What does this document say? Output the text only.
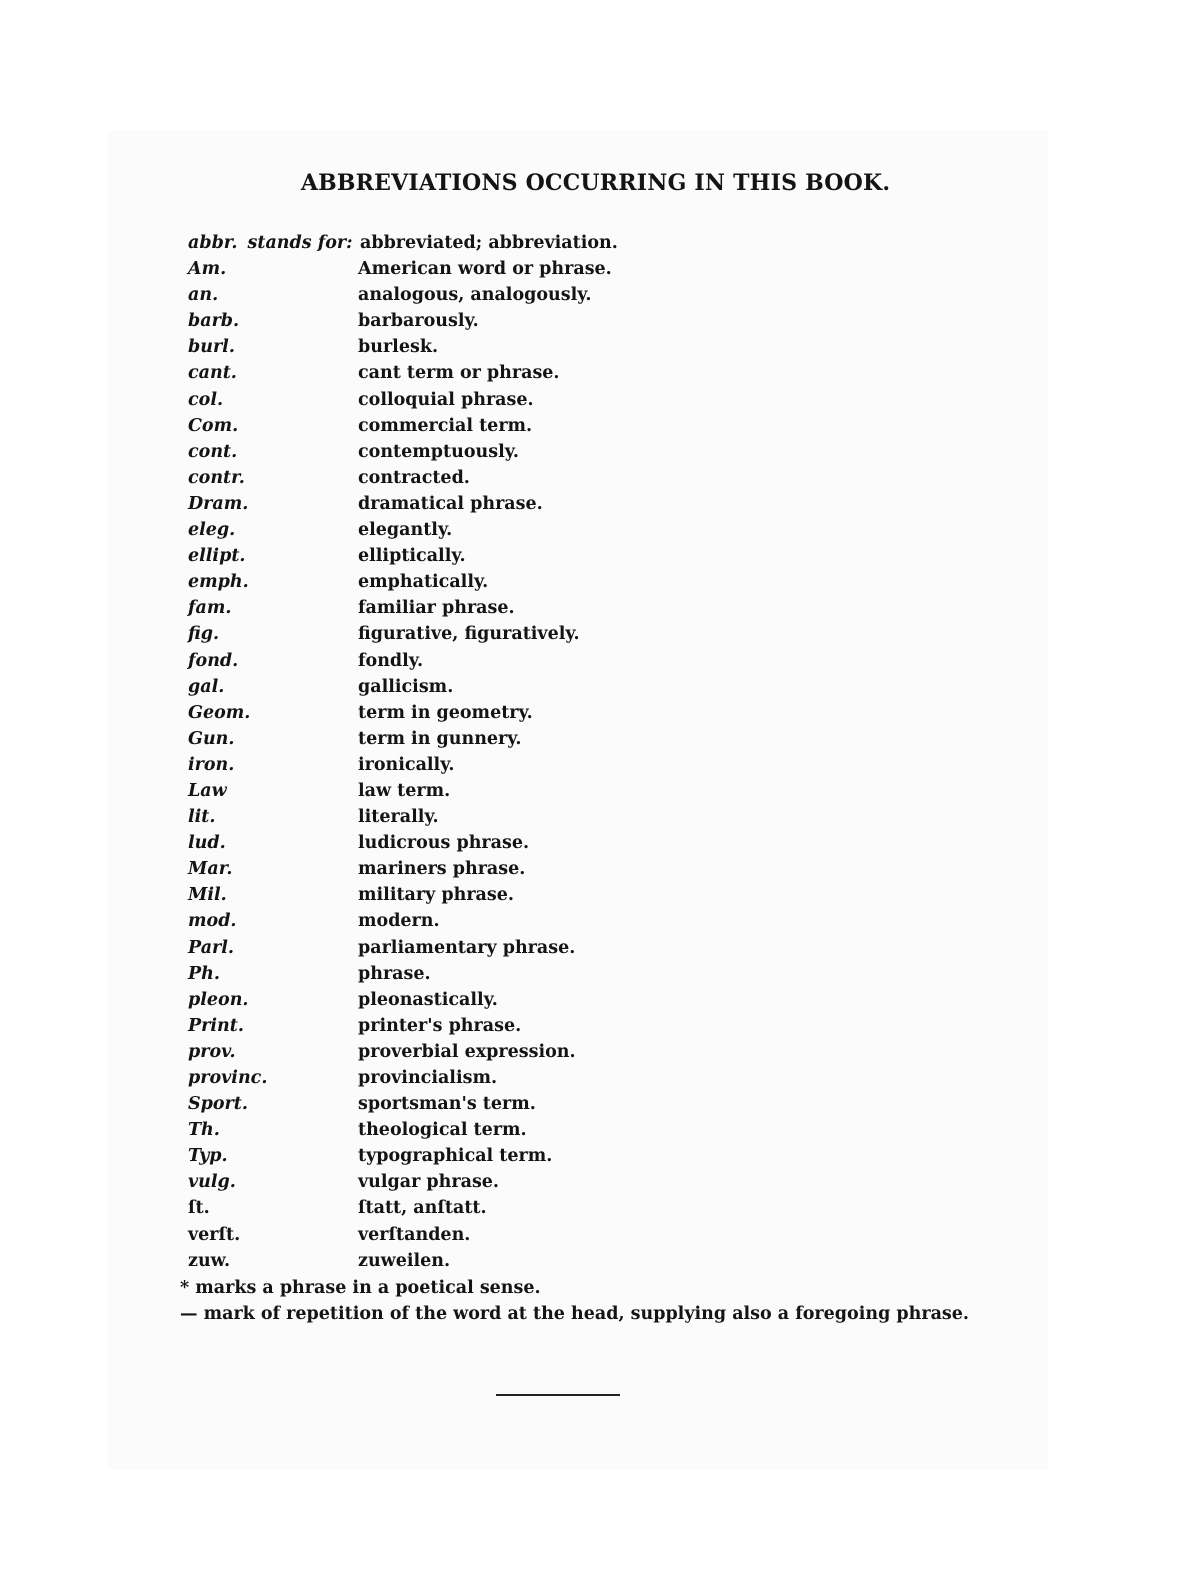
ABBREVIATIONS OCCURRING IN THIS BOOK.
abbr. stands for: abbreviated; abbreviation.
Am.	American word or phrase.
an.	analogous, analogously.
barb.	barbarously.
burl.	burlesk.
cant.	cant term or phrase.
col.	colloquial phrase.
Com.	commercial term.
cont.	contemptuously.
contr.	contracted.
Dram.	dramatical phrase.
eleg.	elegantly.
ellipt.	elliptically.
emph.	emphatically.
fam.	familiar phrase.
fig.	figurative, figuratively.
fond.	fondly.
gal.	gallicism.
Geom.	term in geometry.
Gun.	term in gunnery.
iron.	ironically.
Law	law term.
lit.	literally.
lud.	ludicrous phrase.
Mar.	mariners phrase.
Mil.	military phrase.
mod.	modern.
Parl.	parliamentary phrase.
Ph.	phrase.
pleon.	pleonastically.
Print.	printer's phrase.
prov.	proverbial expression.
provinc.	provincialism.
Sport.	sportsman's term.
Th.	theological term.
Typ.	typographical term.
vulg.	vulgar phrase.
ſt.	ſtatt, anſtatt.
verſt.	verſtanden.
zuw.	zuweilen.
* marks a phrase in a poetical sense.
— mark of repetition of the word at the head, supplying also a foregoing phrase.
